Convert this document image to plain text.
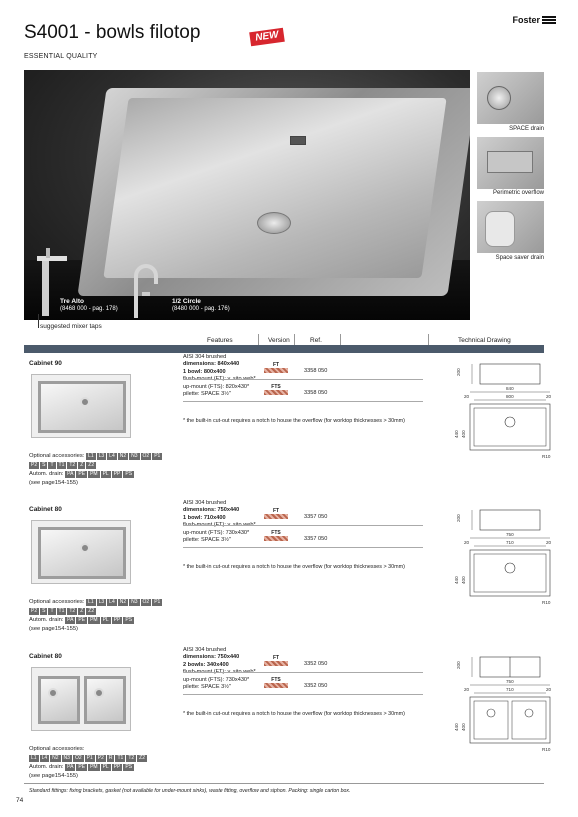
S4001 - bowls filotop	NEW
Foster
ESSENTIAL QUALITY
Tre Alto
(8468 000 - pag. 178)
1/2 Circle
(8480 000 - pag. 176)
suggested mixer taps
SPACE drain
Perimetric overflow
Space saver drain
Features	Version	Ref.	Technical Drawing
Cabinet 90
AISI 304 brushed
dimensions: 840x440
1 bowl: 800x400
up-mount (FTS): 820x430*
pilette: SPACE 3½"
FT
3358 050
FTS
3358 050
* the built-in cut-out requires a notch to house the overflow (for worktop thicknesses > 30mm)
Optional accessories: L1 L3 L4 N2 N3 O2 P1
P2 S T T1 T2 Z Z2
Autom. drain: PA PE PM PL PP PS
(see page154-155)
200
840
800
20	20
440 400
R10
Cabinet 80
AISI 304 brushed
dimensions: 750x440
1 bowl: 710x400
up-mount (FTS): 730x430*
pilette: SPACE 3½"
FT
3357 050
FTS
3357 050
* the built-in cut-out requires a notch to house the overflow (for worktop thicknesses > 30mm)
Optional accessories: L1 L3 L4 N2 N3 O2 P1
P2 S T T1 T2 Z Z2
Autom. drain: PA PE PM PL PP PS
(see page154-155)
200
750
710
20	20
440 400
R10
Cabinet 80
AISI 304 brushed
dimensions: 750x440
2 bowls: 340x400
up-mount (FTS): 730x430*
pilette: SPACE 3½"
FT
3352 050
FTS
3352 050
* the built-in cut-out requires a notch to house the overflow (for worktop thicknesses > 30mm)
Optional accessories:
L1 L4 N2 N3 O2 P1 P2 R T1 T2 Z2
Autom. drain: PA PE PM PL PP PS
(see page154-155)
200
750
710
20	20
440 400
R10
Standard fittings: fixing brackets, gasket (not available for under-mount sinks), waste fitting, overflow and siphon. Packing: single carton box.
74
